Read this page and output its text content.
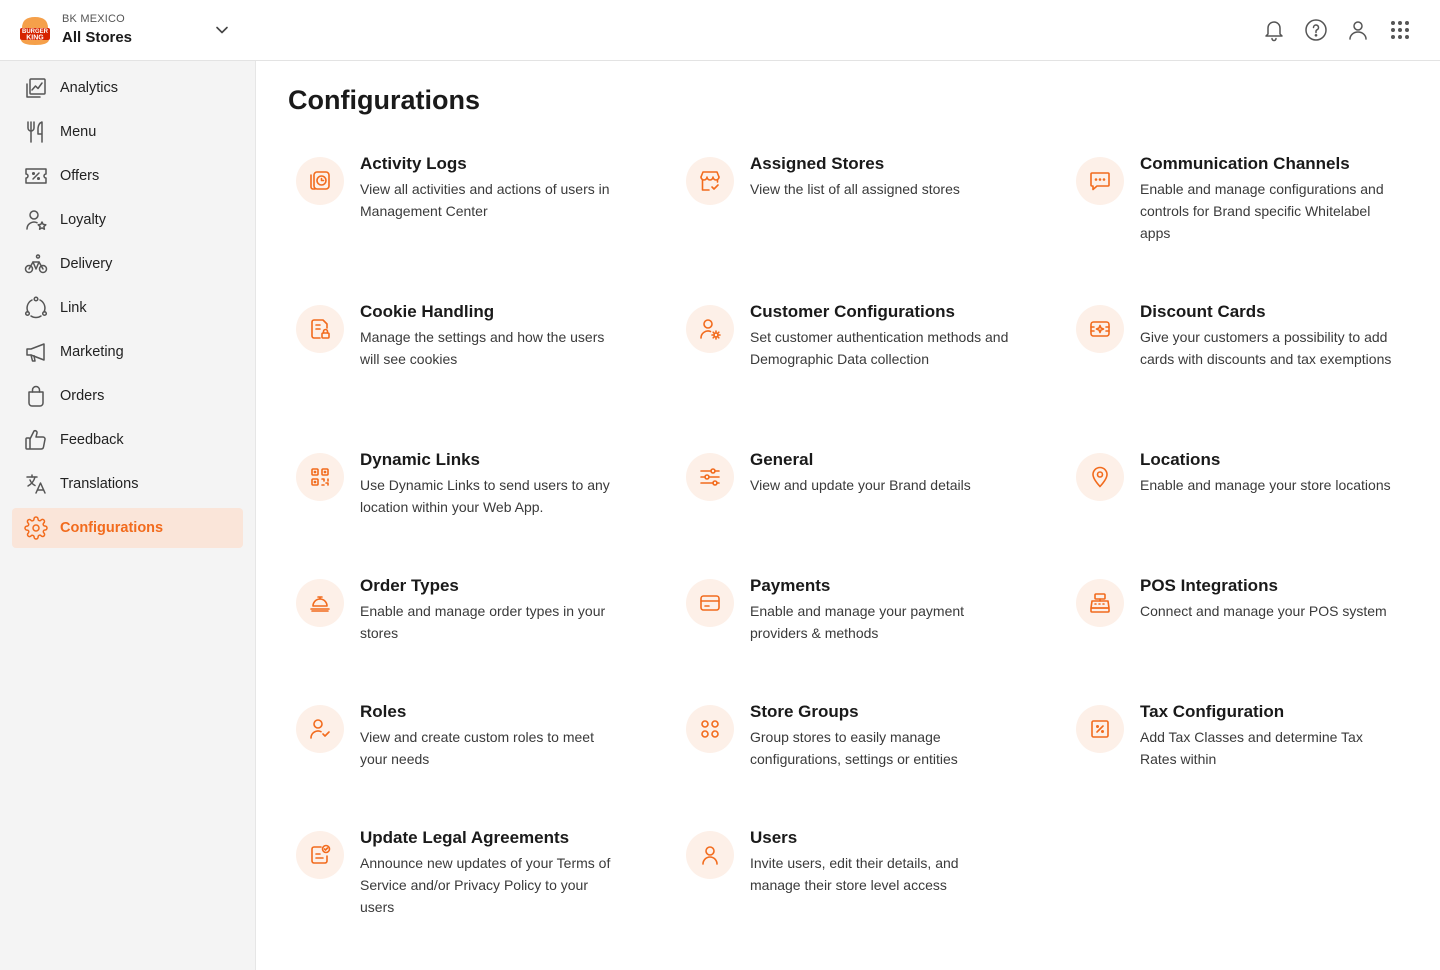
BURGER
KING
BK MEXICO
All Stores
Analytics
Menu
Offers
Loyalty
Delivery
Link
Marketing
Orders
Feedback
Translations
Configurations
Configurations
Activity Logs
View all activities and actions of users in Management Center
Assigned Stores
View the list of all assigned stores
Communication Channels
Enable and manage configurations and controls for Brand specific Whitelabel apps
Cookie Handling
Manage the settings and how the users will see cookies
Customer Configurations
Set customer authentication methods and Demographic Data collection
Discount Cards
Give your customers a possibility to add cards with discounts and tax exemptions
Dynamic Links
Use Dynamic Links to send users to any location within your Web App.
General
View and update your Brand details
Locations
Enable and manage your store locations
Order Types
Enable and manage order types in your stores
Payments
Enable and manage your payment providers & methods
POS Integrations
Connect and manage your POS system
Roles
View and create custom roles to meet your needs
Store Groups
Group stores to easily manage configurations, settings or entities
Tax Configuration
Add Tax Classes and determine Tax Rates within
Update Legal Agreements
Announce new updates of your Terms of Service and/or Privacy Policy to your users
Users
Invite users, edit their details, and manage their store level access
